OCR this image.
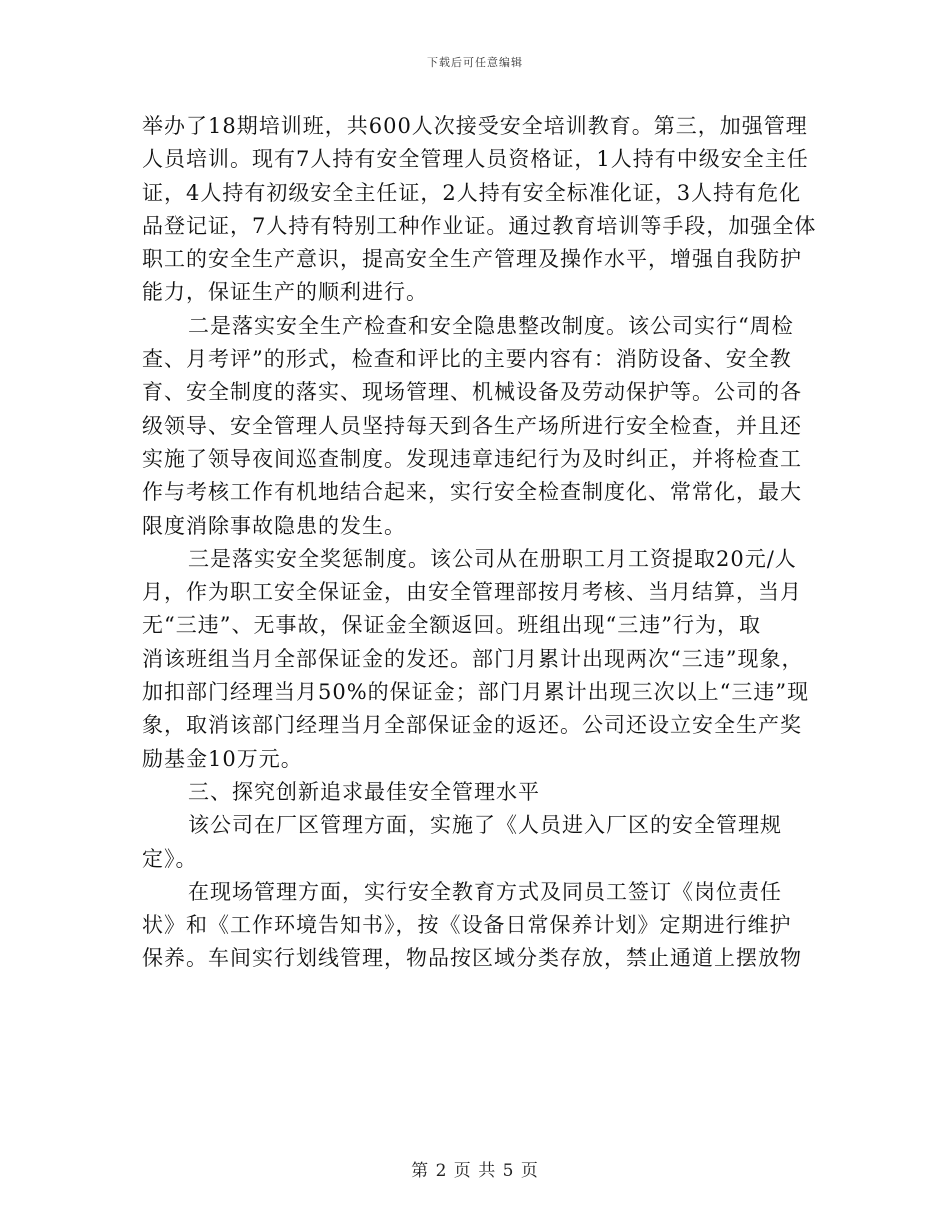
下载后可任意编辑
举办了18期培训班，共600人次接受安全培训教育。第三，加强管理
人员培训。现有7人持有安全管理人员资格证，1人持有中级安全主任
证，4人持有初级安全主任证，2人持有安全标准化证，3人持有危化
品登记证，7人持有特别工种作业证。通过教育培训等手段，加强全体
职工的安全生产意识，提高安全生产管理及操作水平，增强自我防护
能力，保证生产的顺利进行。
二是落实安全生产检查和安全隐患整改制度。该公司实行“周检
查、月考评”的形式，检查和评比的主要内容有：消防设备、安全教
育、安全制度的落实、现场管理、机械设备及劳动保护等。公司的各
级领导、安全管理人员坚持每天到各生产场所进行安全检查，并且还
实施了领导夜间巡查制度。发现违章违纪行为及时纠正，并将检查工
作与考核工作有机地结合起来，实行安全检查制度化、常常化，最大
限度消除事故隐患的发生。
三是落实安全奖惩制度。该公司从在册职工月工资提取20元/人
月，作为职工安全保证金，由安全管理部按月考核、当月结算，当月
无“三违”、无事故，保证金全额返回。班组出现“三违”行为，取
消该班组当月全部保证金的发还。部门月累计出现两次“三违”现象，
加扣部门经理当月50%的保证金；部门月累计出现三次以上“三违”现
象，取消该部门经理当月全部保证金的返还。公司还设立安全生产奖
励基金10万元。
三、探究创新追求最佳安全管理水平
该公司在厂区管理方面，实施了《人员进入厂区的安全管理规
定》。
在现场管理方面，实行安全教育方式及同员工签订《岗位责任
状》和《工作环境告知书》，按《设备日常保养计划》定期进行维护
保养。车间实行划线管理，物品按区域分类存放，禁止通道上摆放物
第 2 页 共 5 页
